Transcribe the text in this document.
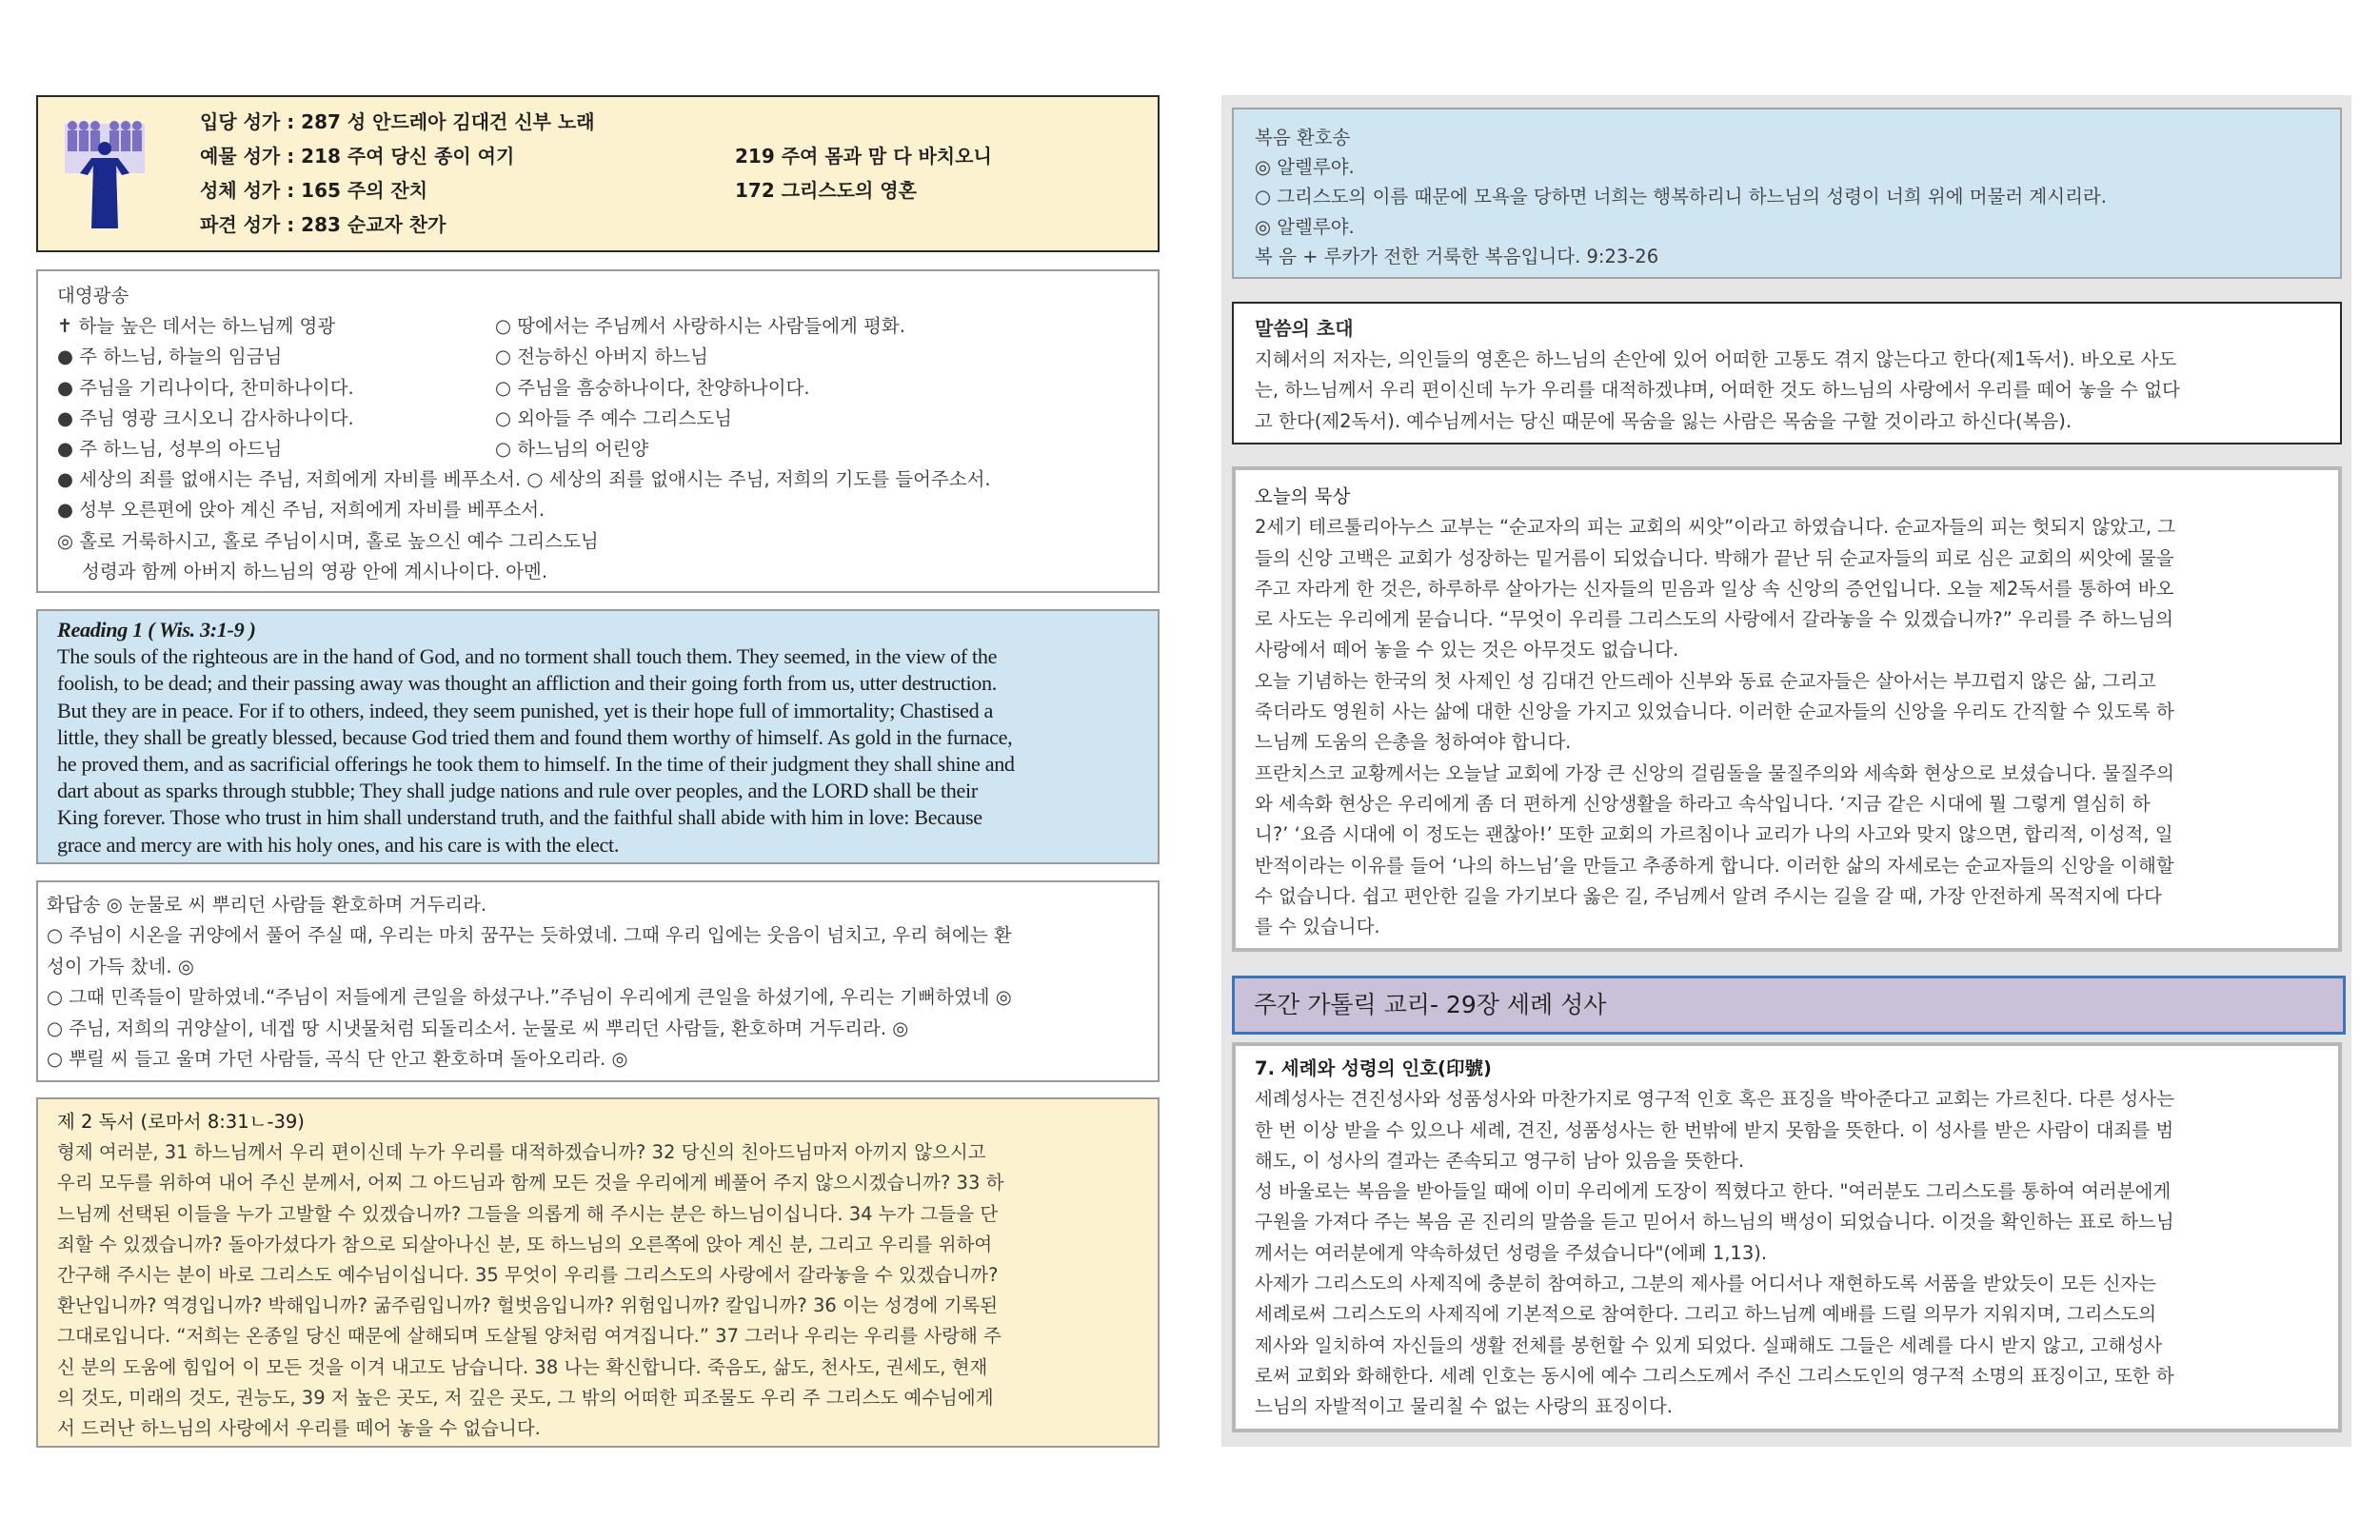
입당 성가 : 287 성 안드레아 김대건 신부 노래
예물 성가 : 218 주여 당신 종이 여기	219 주여 몸과 맘 다 바치오니
성체 성가 : 165 주의 잔치	172 그리스도의 영혼
파견 성가 : 283 순교자 찬가
대영광송
✝ 하늘 높은 데서는 하느님께 영광	○ 땅에서는 주님께서 사랑하시는 사람들에게 평화.
● 주 하느님, 하늘의 임금님	○ 전능하신 아버지 하느님
● 주님을 기리나이다, 찬미하나이다.	○ 주님을 흠숭하나이다, 찬양하나이다.
● 주님 영광 크시오니 감사하나이다.	○ 외아들 주 예수 그리스도님
● 주 하느님, 성부의 아드님	○ 하느님의 어린양
● 세상의 죄를 없애시는 주님, 저희에게 자비를 베푸소서. ○ 세상의 죄를 없애시는 주님, 저희의 기도를 들어주소서.
● 성부 오른편에 앉아 계신 주님, 저희에게 자비를 베푸소서.
◎ 홀로 거룩하시고, 홀로 주님이시며, 홀로 높으신 예수 그리스도님
성령과 함께 아버지 하느님의 영광 안에 계시나이다. 아멘.
Reading 1 ( Wis. 3:1-9 )
The souls of the righteous are in the hand of God, and no torment shall touch them. They seemed, in the view of the
foolish, to be dead; and their passing away was thought an affliction and their going forth from us, utter destruction.
But they are in peace. For if to others, indeed, they seem punished, yet is their hope full of immortality; Chastised a
little, they shall be greatly blessed, because God tried them and found them worthy of himself. As gold in the furnace,
he proved them, and as sacrificial offerings he took them to himself. In the time of their judgment they shall shine and
dart about as sparks through stubble; They shall judge nations and rule over peoples, and the LORD shall be their
King forever. Those who trust in him shall understand truth, and the faithful shall abide with him in love: Because
grace and mercy are with his holy ones, and his care is with the elect.
화답송 ◎ 눈물로 씨 뿌리던 사람들 환호하며 거두리라.
○ 주님이 시온을 귀양에서 풀어 주실 때, 우리는 마치 꿈꾸는 듯하였네. 그때 우리 입에는 웃음이 넘치고, 우리 혀에는 환
성이 가득 찼네. ◎
○ 그때 민족들이 말하였네.“주님이 저들에게 큰일을 하셨구나.”주님이 우리에게 큰일을 하셨기에, 우리는 기뻐하였네 ◎
○ 주님, 저희의 귀양살이, 네겝 땅 시냇물처럼 되돌리소서. 눈물로 씨 뿌리던 사람들, 환호하며 거두리라. ◎
○ 뿌릴 씨 들고 울며 가던 사람들, 곡식 단 안고 환호하며 돌아오리라. ◎
제 2 독서 (로마서 8:31ㄴ-39)
형제 여러분, 31 하느님께서 우리 편이신데 누가 우리를 대적하겠습니까? 32 당신의 친아드님마저 아끼지 않으시고
우리 모두를 위하여 내어 주신 분께서, 어찌 그 아드님과 함께 모든 것을 우리에게 베풀어 주지 않으시겠습니까? 33 하
느님께 선택된 이들을 누가 고발할 수 있겠습니까? 그들을 의롭게 해 주시는 분은 하느님이십니다. 34 누가 그들을 단
죄할 수 있겠습니까? 돌아가셨다가 참으로 되살아나신 분, 또 하느님의 오른쪽에 앉아 계신 분, 그리고 우리를 위하여
간구해 주시는 분이 바로 그리스도 예수님이십니다. 35 무엇이 우리를 그리스도의 사랑에서 갈라놓을 수 있겠습니까?
환난입니까? 역경입니까? 박해입니까? 굶주림입니까? 헐벗음입니까? 위험입니까? 칼입니까? 36 이는 성경에 기록된
그대로입니다. “저희는 온종일 당신 때문에 살해되며 도살될 양처럼 여겨집니다.” 37 그러나 우리는 우리를 사랑해 주
신 분의 도움에 힘입어 이 모든 것을 이겨 내고도 남습니다. 38 나는 확신합니다. 죽음도, 삶도, 천사도, 권세도, 현재
의 것도, 미래의 것도, 권능도, 39 저 높은 곳도, 저 깊은 곳도, 그 밖의 어떠한 피조물도 우리 주 그리스도 예수님에게
서 드러난 하느님의 사랑에서 우리를 떼어 놓을 수 없습니다.
복음 환호송
◎ 알렐루야.
○ 그리스도의 이름 때문에 모욕을 당하면 너희는 행복하리니 하느님의 성령이 너희 위에 머물러 계시리라.
◎ 알렐루야.
복 음 + 루카가 전한 거룩한 복음입니다. 9:23-26
말씀의 초대
지혜서의 저자는, 의인들의 영혼은 하느님의 손안에 있어 어떠한 고통도 겪지 않는다고 한다(제1독서). 바오로 사도
는, 하느님께서 우리 편이신데 누가 우리를 대적하겠냐며, 어떠한 것도 하느님의 사랑에서 우리를 떼어 놓을 수 없다
고 한다(제2독서). 예수님께서는 당신 때문에 목숨을 잃는 사람은 목숨을 구할 것이라고 하신다(복음).
오늘의 묵상
2세기 테르툴리아누스 교부는 “순교자의 피는 교회의 씨앗”이라고 하였습니다. 순교자들의 피는 헛되지 않았고, 그
들의 신앙 고백은 교회가 성장하는 밑거름이 되었습니다. 박해가 끝난 뒤 순교자들의 피로 심은 교회의 씨앗에 물을
주고 자라게 한 것은, 하루하루 살아가는 신자들의 믿음과 일상 속 신앙의 증언입니다. 오늘 제2독서를 통하여 바오
로 사도는 우리에게 묻습니다. “무엇이 우리를 그리스도의 사랑에서 갈라놓을 수 있겠습니까?” 우리를 주 하느님의
사랑에서 떼어 놓을 수 있는 것은 아무것도 없습니다.
오늘 기념하는 한국의 첫 사제인 성 김대건 안드레아 신부와 동료 순교자들은 살아서는 부끄럽지 않은 삶, 그리고
죽더라도 영원히 사는 삶에 대한 신앙을 가지고 있었습니다. 이러한 순교자들의 신앙을 우리도 간직할 수 있도록 하
느님께 도움의 은총을 청하여야 합니다.
프란치스코 교황께서는 오늘날 교회에 가장 큰 신앙의 걸림돌을 물질주의와 세속화 현상으로 보셨습니다. 물질주의
와 세속화 현상은 우리에게 좀 더 편하게 신앙생활을 하라고 속삭입니다. ‘지금 같은 시대에 뭘 그렇게 열심히 하
니?’ ‘요즘 시대에 이 정도는 괜찮아!’ 또한 교회의 가르침이나 교리가 나의 사고와 맞지 않으면, 합리적, 이성적, 일
반적이라는 이유를 들어 ‘나의 하느님’을 만들고 추종하게 합니다. 이러한 삶의 자세로는 순교자들의 신앙을 이해할
수 없습니다. 쉽고 편안한 길을 가기보다 옳은 길, 주님께서 알려 주시는 길을 갈 때, 가장 안전하게 목적지에 다다
를 수 있습니다.
주간 가톨릭 교리- 29장 세례 성사
7. 세례와 성령의 인호(印號)
세례성사는 견진성사와 성품성사와 마찬가지로 영구적 인호 혹은 표징을 박아준다고 교회는 가르친다. 다른 성사는
한 번 이상 받을 수 있으나 세례, 견진, 성품성사는 한 번밖에 받지 못함을 뜻한다. 이 성사를 받은 사람이 대죄를 범
해도, 이 성사의 결과는 존속되고 영구히 남아 있음을 뜻한다.
성 바울로는 복음을 받아들일 때에 이미 우리에게 도장이 찍혔다고 한다. "여러분도 그리스도를 통하여 여러분에게
구원을 가져다 주는 복음 곧 진리의 말씀을 듣고 믿어서 하느님의 백성이 되었습니다. 이것을 확인하는 표로 하느님
께서는 여러분에게 약속하셨던 성령을 주셨습니다"(에페 1,13).
사제가 그리스도의 사제직에 충분히 참여하고, 그분의 제사를 어디서나 재현하도록 서품을 받았듯이 모든 신자는
세례로써 그리스도의 사제직에 기본적으로 참여한다. 그리고 하느님께 예배를 드릴 의무가 지워지며, 그리스도의
제사와 일치하여 자신들의 생활 전체를 봉헌할 수 있게 되었다. 실패해도 그들은 세례를 다시 받지 않고, 고해성사
로써 교회와 화해한다. 세례 인호는 동시에 예수 그리스도께서 주신 그리스도인의 영구적 소명의 표징이고, 또한 하
느님의 자발적이고 물리칠 수 없는 사랑의 표징이다.
